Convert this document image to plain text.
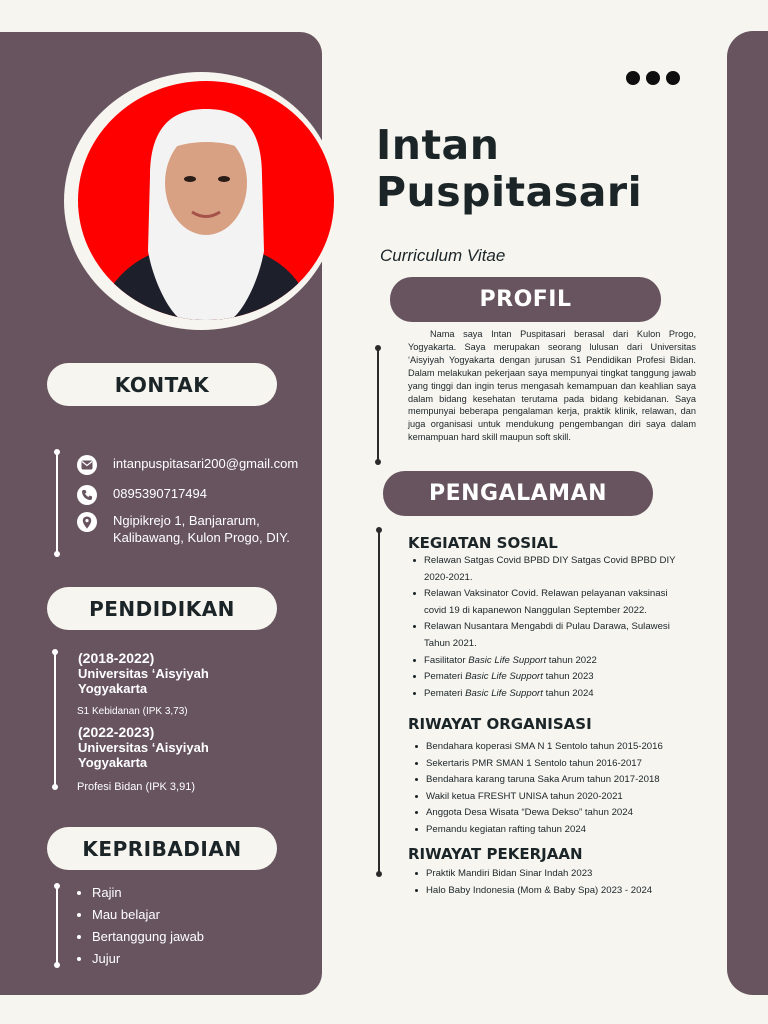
Intan
Puspitasari
Curriculum Vitae
PROFIL
Nama saya Intan Puspitasari berasal dari Kulon Progo, Yogyakarta. Saya merupakan seorang lulusan dari Universitas ‘Aisyiyah Yogyakarta dengan jurusan S1 Pendidikan Profesi Bidan. Dalam melakukan pekerjaan saya mempunyai tingkat tanggung jawab yang tinggi dan ingin terus mengasah kemampuan dan keahlian saya dalam bidang kesehatan terutama pada bidang kebidanan. Saya mempunyai beberapa pengalaman kerja, praktik klinik, relawan, dan juga organisasi untuk mendukung pengembangan diri saya dalam kemampuan hard skill maupun soft skill.
PENGALAMAN
KEGIATAN SOSIAL
Relawan Satgas Covid BPBD DIY Satgas Covid BPBD DIY
2020-2021.
Relawan Vaksinator Covid. Relawan pelayanan vaksinasi
covid 19 di kapanewon Nanggulan September 2022.
Relawan Nusantara Mengabdi di Pulau Darawa, Sulawesi
Tahun 2021.
Fasilitator Basic Life Support tahun 2022
Pemateri Basic Life Support tahun 2023
Pemateri Basic Life Support tahun 2024
RIWAYAT ORGANISASI
Bendahara koperasi SMA N 1 Sentolo tahun 2015-2016
Sekertaris PMR SMAN 1 Sentolo tahun 2016-2017
Bendahara karang taruna Saka Arum tahun 2017-2018
Wakil ketua FRESHT UNISA tahun 2020-2021
Anggota Desa Wisata “Dewa Dekso” tahun 2024
Pemandu kegiatan rafting tahun 2024
RIWAYAT PEKERJAAN
Praktik Mandiri Bidan Sinar Indah 2023
Halo Baby Indonesia (Mom & Baby Spa) 2023 - 2024
KONTAK
intanpuspitasari200@gmail.com
0895390717494
Ngipikrejo 1, Banjararum,
Kalibawang, Kulon Progo, DIY.
PENDIDIKAN
(2018-2022)
Universitas ‘Aisyiyah
Yogyakarta
S1 Kebidanan (IPK 3,73)
(2022-2023)
Universitas ‘Aisyiyah
Yogyakarta
Profesi Bidan (IPK 3,91)
KEPRIBADIAN
Rajin
Mau belajar
Bertanggung jawab
Jujur
